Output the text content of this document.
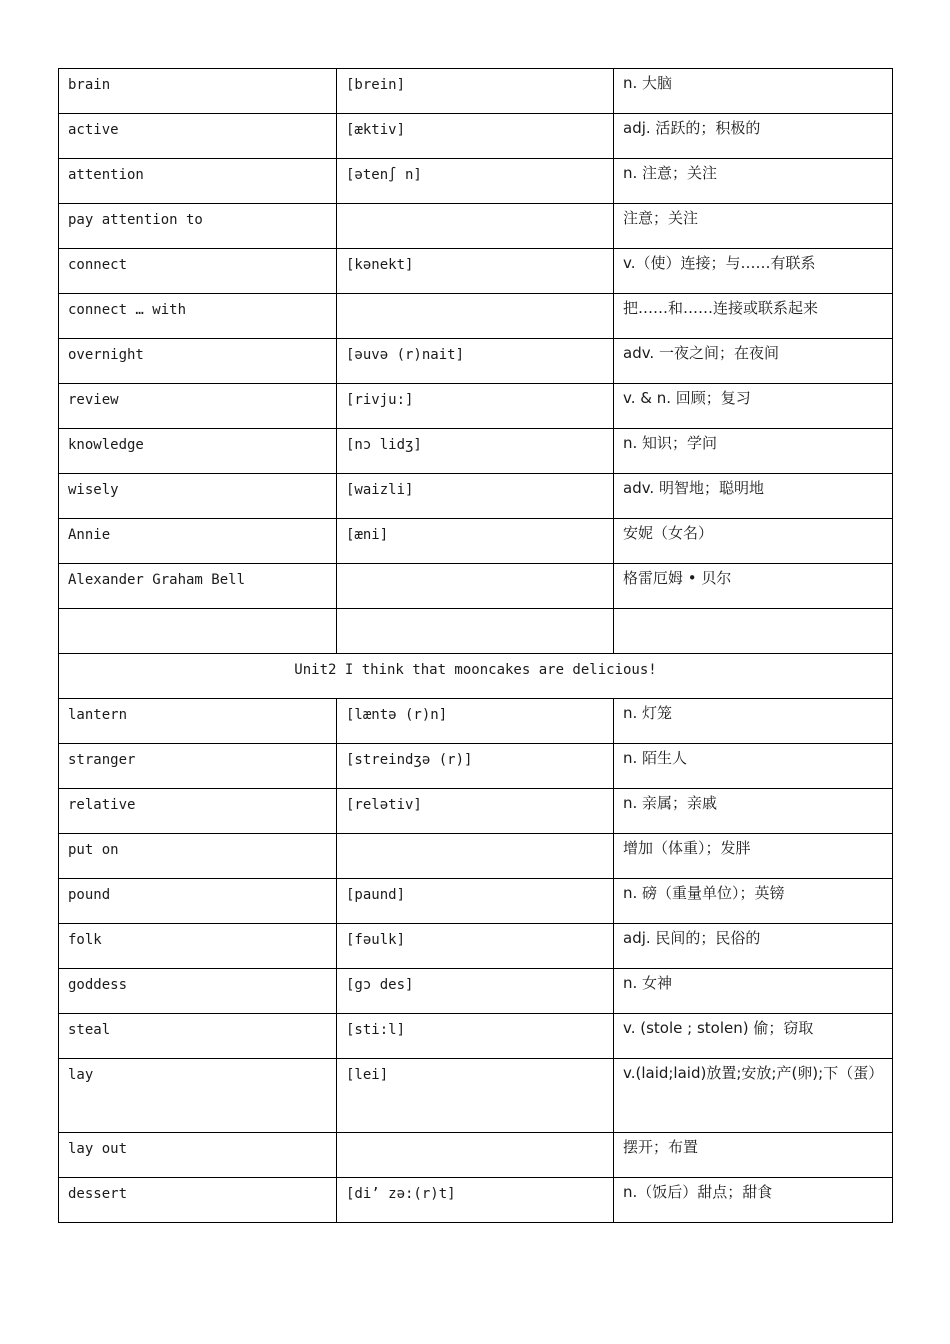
brain	[brein]	n. 大脑

active	[æktiv]	adj. 活跃的；积极的

attention	[əten∫ n]	n. 注意；关注

pay attention to		注意；关注

connect	[kənekt]	v.（使）连接；与……有联系

connect … with		把……和……连接或联系起来

overnight	[əuvə (r)nait]	adv. 一夜之间；在夜间

review	[rivju:]	v. & n. 回顾；复习

knowledge	[nɔ lidʒ]	n. 知识；学问

wisely	[waizli]	adv. 明智地；聪明地

Annie	[æni]	安妮（女名）

Alexander Graham Bell		格雷厄姆 • 贝尔

Unit2 I think that mooncakes are delicious!		
lantern	[læntə (r)n]	n. 灯笼

stranger	[streindʒə (r)]	n. 陌生人

relative	[relətiv]	n. 亲属；亲戚

put on		增加（体重）；发胖

pound	[paund]	n. 磅（重量单位）；英镑

folk	[fəulk]	adj. 民间的；民俗的

goddess	[gɔ des]	n. 女神

steal	[sti:l]	v. (stole ; stolen) 偷；窃取

lay	[lei]	v.(laid;laid)放置;安放;产(卵);下（蛋）

lay out		摆开；布置

dessert	[di’ zə:(r)t]	n.（饭后）甜点；甜食
